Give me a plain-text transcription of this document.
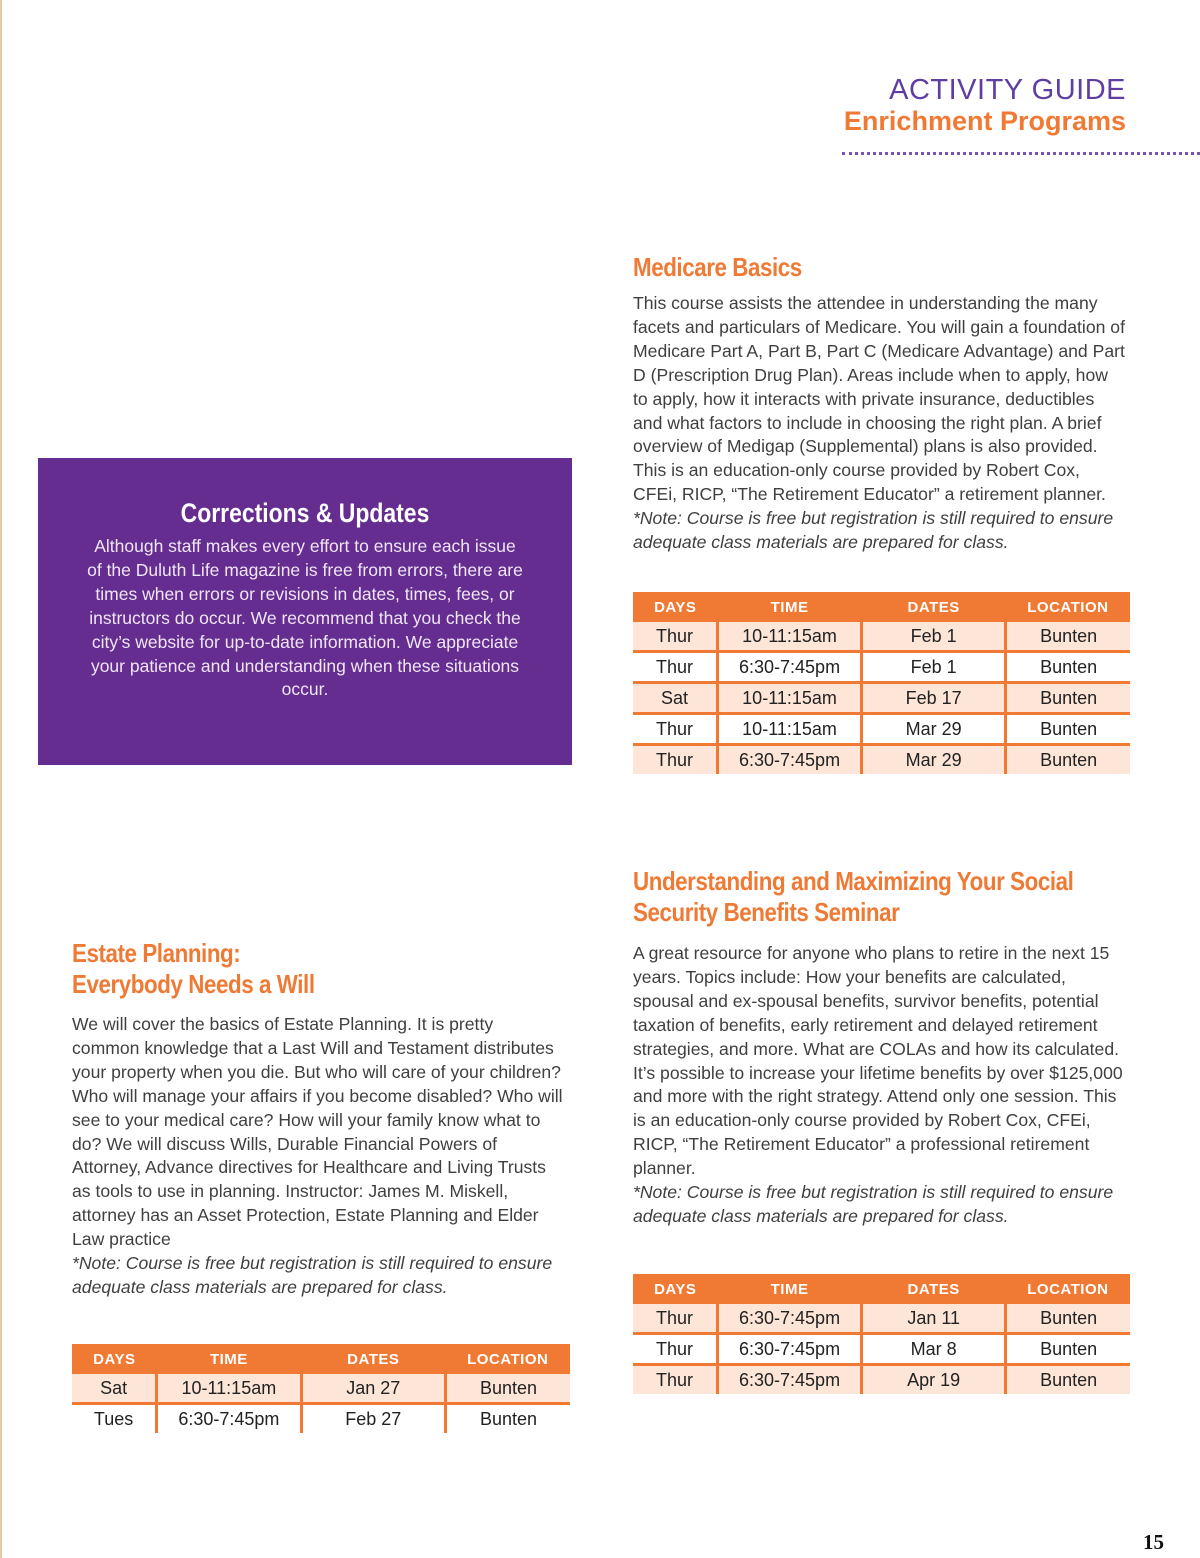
ACTIVITY GUIDE
Enrichment Programs
Corrections & Updates
Although staff makes every effort to ensure each issue of the Duluth Life magazine is free from errors, there are times when errors or revisions in dates, times, fees, or instructors do occur. We recommend that you check the city’s website for up-to-date information. We appreciate your patience and understanding when these situations occur.
Medicare Basics

This course assists the attendee in understanding the many facets and particulars of Medicare. You will gain a foundation of Medicare Part A, Part B, Part C (Medicare Advantage) and Part D (Prescription Drug Plan). Areas include when to apply, how to apply, how it interacts with private insurance, deductibles and what factors to include in choosing the right plan. A brief overview of Medigap (Supplemental) plans is also provided. This is an education-only course provided by Robert Cox, CFEi, RICP, “The Retirement Educator” a retirement planner.

*Note: Course is free but registration is still required to ensure adequate class materials are prepared for class.

DAYS	TIME	DATES	LOCATION
Thur	10-11:15am	Feb 1	Bunten
Thur	6:30-7:45pm	Feb 1	Bunten
Sat	10-11:15am	Feb 17	Bunten
Thur	10-11:15am	Mar 29	Bunten
Thur	6:30-7:45pm	Mar 29	Bunten
Understanding and Maximizing Your Social
Security Benefits Seminar

A great resource for anyone who plans to retire in the next 15 years. Topics include: How your benefits are calculated, spousal and ex-spousal benefits, survivor benefits, potential taxation of benefits, early retirement and delayed retirement strategies, and more. What are COLAs and how its calculated.

It’s possible to increase your lifetime benefits by over $125,000 and more with the right strategy. Attend only one session. This is an education-only course provided by Robert Cox, CFEi, RICP, “The Retirement Educator” a professional retirement planner.

*Note: Course is free but registration is still required to ensure adequate class materials are prepared for class.

DAYS	TIME	DATES	LOCATION
Thur	6:30-7:45pm	Jan 11	Bunten
Thur	6:30-7:45pm	Mar 8	Bunten
Thur	6:30-7:45pm	Apr 19	Bunten
Estate Planning:
Everybody Needs a Will

We will cover the basics of Estate Planning. It is pretty common knowledge that a Last Will and Testament distributes your property when you die. But who will care of your children? Who will manage your affairs if you become disabled? Who will see to your medical care? How will your family know what to do? We will discuss Wills, Durable Financial Powers of Attorney, Advance directives for Healthcare and Living Trusts as tools to use in planning. Instructor: James M. Miskell, attorney has an Asset Protection, Estate Planning and Elder Law practice

*Note: Course is free but registration is still required to ensure adequate class materials are prepared for class.

DAYS	TIME	DATES	LOCATION
Sat	10-11:15am	Jan 27	Bunten
Tues	6:30-7:45pm	Feb 27	Bunten
15
